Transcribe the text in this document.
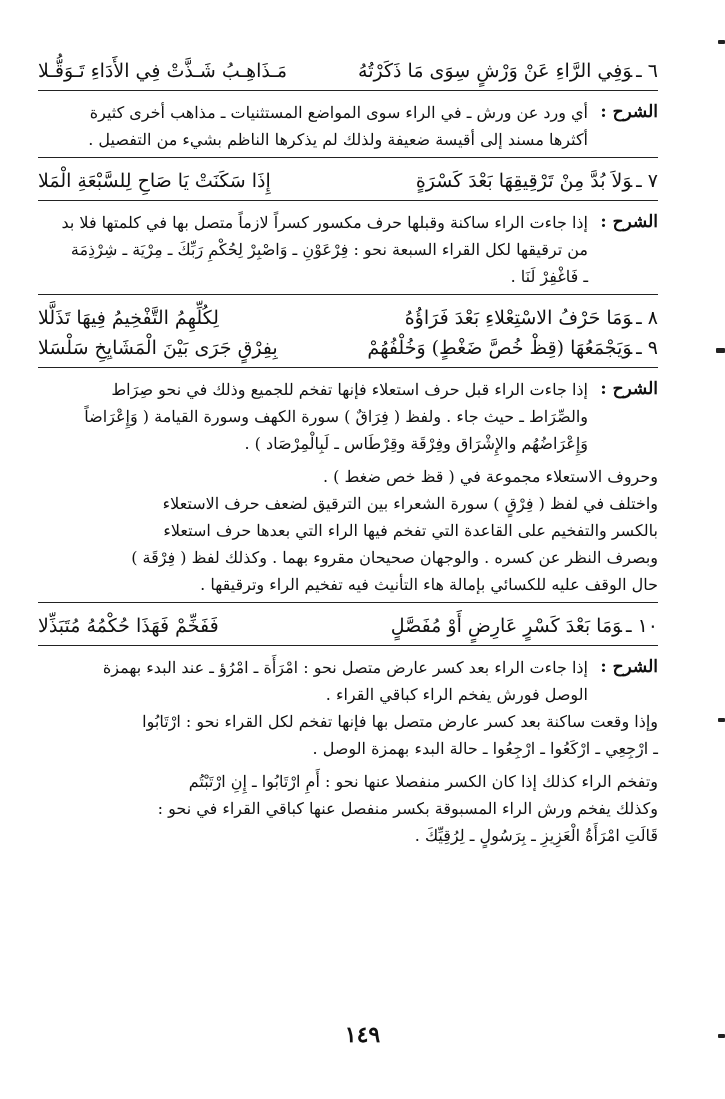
٦ ـوَفِي الرَّاءِ عَنْ وَرْشٍ سِوَى مَا ذَكَرْتُهُ
مَـذَاهِـبُ شَـذَّتْ فِي الأَدَاءِ تَـوَقُّـلا
الشرح :
أي ورد عن ورش ـ في الراء سوى المواضع المستثنيات ـ مذاهب أخرى كثيرة
أكثرها مسند إلى أقيسة ضعيفة ولذلك لم يذكرها الناظم بشيء من التفصيل .
٧ ـوَلاَ بُدَّ مِنْ تَرْقِيقِهَا بَعْدَ كَسْرَةٍ
إِذَا سَكَنَتْ يَا صَاحِ لِلسَّبْعَةِ الْمَلا
الشرح :
إذا جاءت الراء ساكنة وقبلها حرف مكسور كسراً لازماً متصل بها في كلمتها فلا بد
من ترقيقها لكل القراء السبعة نحو : فِرْعَوْنِ ـ وَاصْبِرْ لِحُكْمِ رَبِّكَ ـ مِرْيَة ـ شِرْذِمَة
ـ فَاغْفِرْ لَنَا .
٨ ـوَمَا حَرْفُ الاسْتِعْلاءِ بَعْدَ فَرَاؤُهُ
لِكُلِّهِمُ التَّفْخِيمُ فِيهَا تَذَلَّلا
٩ ـوَيَجْمَعُهَا (قِظْ خُصَّ ضَغْطٍ) وَخُلْفُهُمْ
بِفِرْقٍ جَرَى بَيْنَ الْمَشَايِخِ سَلْسَلا
الشرح :
إذا جاءت الراء قبل حرف استعلاء فإنها تفخم للجميع وذلك في نحو صِرَاط
والصِّرَاط ـ حيث جاء . ولفظ ( فِرَاقٌ ) سورة الكهف وسورة القيامة ( وَإِعْرَاضاً
وَإِعْرَاضُهُم والإِشْرَاق وفِرْقَة وقِرْطَاس ـ لَبِالْمِرْصَاد ) .
وحروف الاستعلاء مجموعة في ( قظ خص ضغط ) .
واختلف في لفظ ( فِرْقٍ ) سورة الشعراء بين الترقيق لضعف حرف الاستعلاء
بالكسر والتفخيم على القاعدة التي تفخم فيها الراء التي بعدها حرف استعلاء
وبصرف النظر عن كسره . والوجهان صحيحان مقروء بهما . وكذلك لفظ ( فِرْقَة )
حال الوقف عليه للكسائي بإمالة هاء التأنيث فيه تفخيم الراء وترقيقها .
١٠ ـوَمَا بَعْدَ كَسْرٍ عَارِضٍ أَوْ مُفَصَّلٍ
فَفَخِّمْ فَهَذَا حُكْمُهُ مُتَبَذِّلا
الشرح :
إذا جاءت الراء بعد كسر عارض متصل نحو : امْرَأَة ـ امْرُؤ ـ عند البدء بهمزة
الوصل فورش يفخم الراء كباقي القراء .
وإذا وقعت ساكنة بعد كسر عارض متصل بها فإنها تفخم لكل القراء نحو : ارْتَابُوا
ـ ارْجِعِي ـ ارْكَعُوا ـ ارْجِعُوا ـ حالة البدء بهمزة الوصل .
وتفخم الراء كذلك إذا كان الكسر منفصلا عنها نحو : أَمِ ارْتَابُوا ـ إِنِ ارْتَبْتُم
وكذلك يفخم ورش الراء المسبوقة بكسر منفصل عنها كباقي القراء في نحو :
قَالَتِ امْرَأَةُ الْعَزِيزِ ـ بِرَسُولٍ ـ لِرُقِيِّكَ .
١٤٩
